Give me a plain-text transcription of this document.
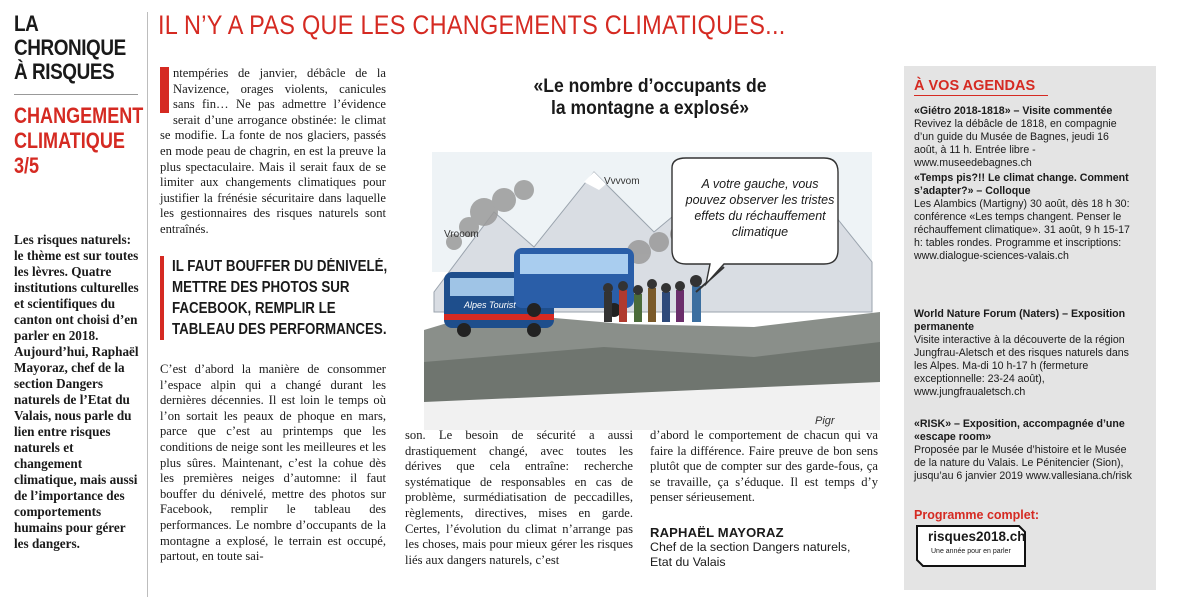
LA CHRONIQUE À RISQUES
CHANGEMENT CLIMATIQUE 3/5
Les risques naturels: le thème est sur toutes les lèvres. Quatre institutions culturelles et scientifiques du canton ont choisi d’en parler en 2018. Aujourd’hui, Raphaël Mayoraz, chef de la section Dangers naturels de l’Etat du Valais, nous parle du lien entre risques naturels et changement climatique, mais aussi de l’importance des comportements humains pour gérer les dangers.
IL N’Y A PAS QUE LES CHANGEMENTS CLIMATIQUES...
ntempéries de janvier, débâcle de la Navizence, orages violents, canicules sans fin… Ne pas admettre l’évidence serait d’une arrogance obstinée: le climat se modifie. La fonte de nos glaciers, passés en mode peau de chagrin, en est la preuve la plus spectaculaire. Mais il serait faux de se limiter aux changements climatiques pour justifier la frénésie sécuritaire dans laquelle les gestionnaires des risques naturels sont entraînés.
IL FAUT BOUFFER DU DÉNIVELÉ, METTRE DES PHOTOS SUR FACEBOOK, REMPLIR LE TABLEAU DES PERFORMANCES.
C’est d’abord la manière de consommer l’espace alpin qui a changé durant les dernières décennies. Il est loin le temps où l’on sortait les peaux de phoque en mars, parce que c’est au printemps que les conditions de neige sont les meilleures et les plus sûres. Maintenant, c’est la cohue dès les premières neiges d’automne: il faut bouffer du dénivelé, mettre des photos sur Facebook, remplir le tableau des performances. Le nombre d’occupants de la montagne a explosé, le terrain est occupé, partout, en toute sai-
Vrooom
Vvvvom
Alpes Tourist
«Le nombre d’occupants de la montagne a explosé»
A votre gauche, vous pouvez observer les tristes effets du réchauffement climatique
Pigr
son. Le besoin de sécurité a aussi drastiquement changé, avec toutes les dérives que cela entraîne: recherche systématique de responsables en cas de problème, surmédiatisation de peccadilles, règlements, directives, mises en garde. Certes, l’évolution du climat n’arrange pas les choses, mais pour mieux gérer les risques liés aux dangers naturels, c’est
d’abord le comportement de chacun qui va faire la différence. Faire preuve de bon sens plutôt que de compter sur des garde-fous, ça se travaille, ça s’éduque. Il est temps d’y penser sérieusement.
RAPHAËL MAYORAZ
Chef de la section Dangers naturels,
Etat du Valais
À VOS AGENDAS
«Giétro 2018-1818» – Visite commentée
Revivez la débâcle de 1818, en compagnie d’un guide du Musée de Bagnes, jeudi 16 août, à 11 h. Entrée libre - www.museedebagnes.ch
«Temps pis?!! Le climat change. Comment s’adapter?» – Colloque
Les Alambics (Martigny) 30 août, dès 18 h 30: conférence «Les temps changent. Penser le réchauffement climatique». 31 août, 9 h 15-17 h: tables rondes. Programme et inscriptions: www.dialogue-sciences-valais.ch
World Nature Forum (Naters) – Exposition permanente
Visite interactive à la découverte de la région Jungfrau-Aletsch et des risques naturels dans les Alpes. Ma-di 10 h-17 h (fermeture exceptionnelle: 23-24 août), www.jungfraualetsch.ch
«RISK» – Exposition, accompagnée d’une «escape room»
Proposée par le Musée d’histoire et le Musée de la nature du Valais. Le Pénitencier (Sion), jusqu’au 6 janvier 2019 www.vallesiana.ch/risk
Programme complet:
risques2018.ch
Une année pour en parler
